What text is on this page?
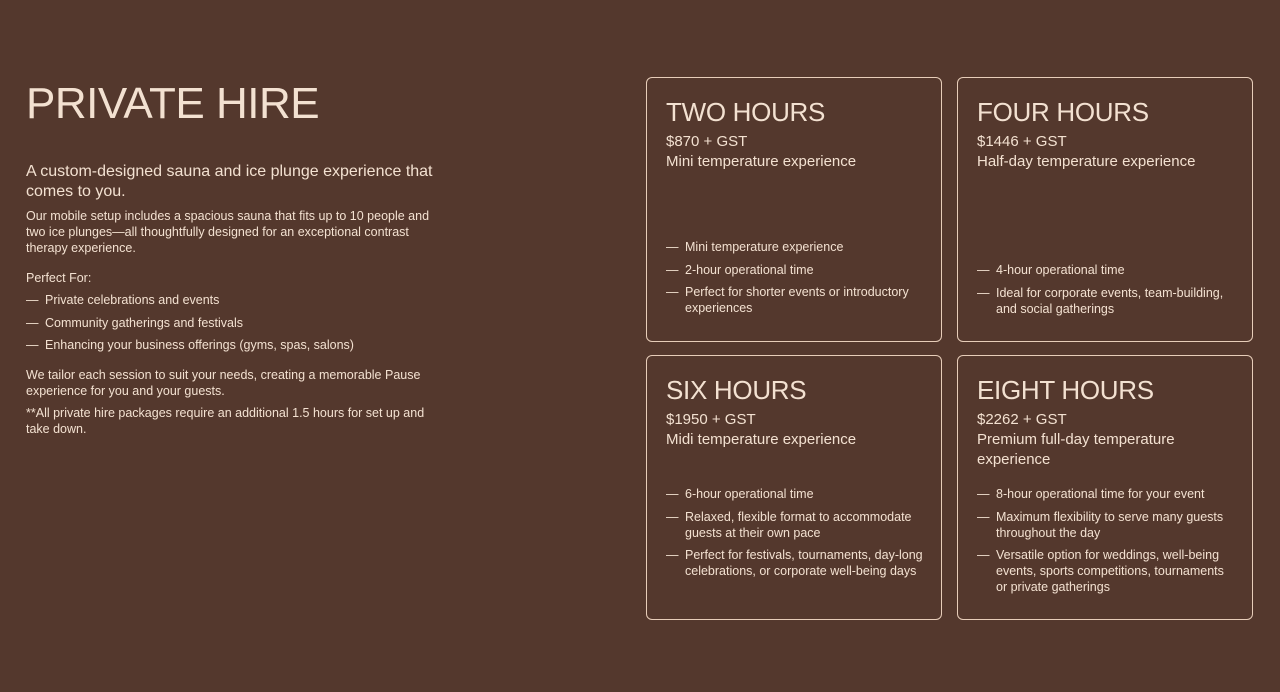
PRIVATE HIRE

A custom-designed sauna and ice plunge experience that comes to you.

Our mobile setup includes a spacious sauna that fits up to 10 people and two ice plunges—all thoughtfully designed for an exceptional contrast therapy experience.

Perfect For:

— Private celebrations and events
— Community gatherings and festivals
— Enhancing your business offerings (gyms, spas, salons)

We tailor each session to suit your needs, creating a memorable Pause experience for you and your guests.

**All private hire packages require an additional 1.5 hours for set up and take down.

TWO HOURS

$870 + GST

Mini temperature experience

— Mini temperature experience
— 2-hour operational time
— Perfect for shorter events or introductory experiences
FOUR HOURS

$1446 + GST

Half-day temperature experience

— 4-hour operational time
— Ideal for corporate events, team-building, and social gatherings
SIX HOURS

$1950 + GST

Midi temperature experience

— 6-hour operational time
— Relaxed, flexible format to accommodate guests at their own pace
— Perfect for festivals, tournaments, day-long celebrations, or corporate well-being days
EIGHT HOURS

$2262 + GST

Premium full-day temperature experience

— 8-hour operational time for your event
— Maximum flexibility to serve many guests throughout the day
— Versatile option for weddings, well-being events, sports competitions, tournaments or private gatherings
